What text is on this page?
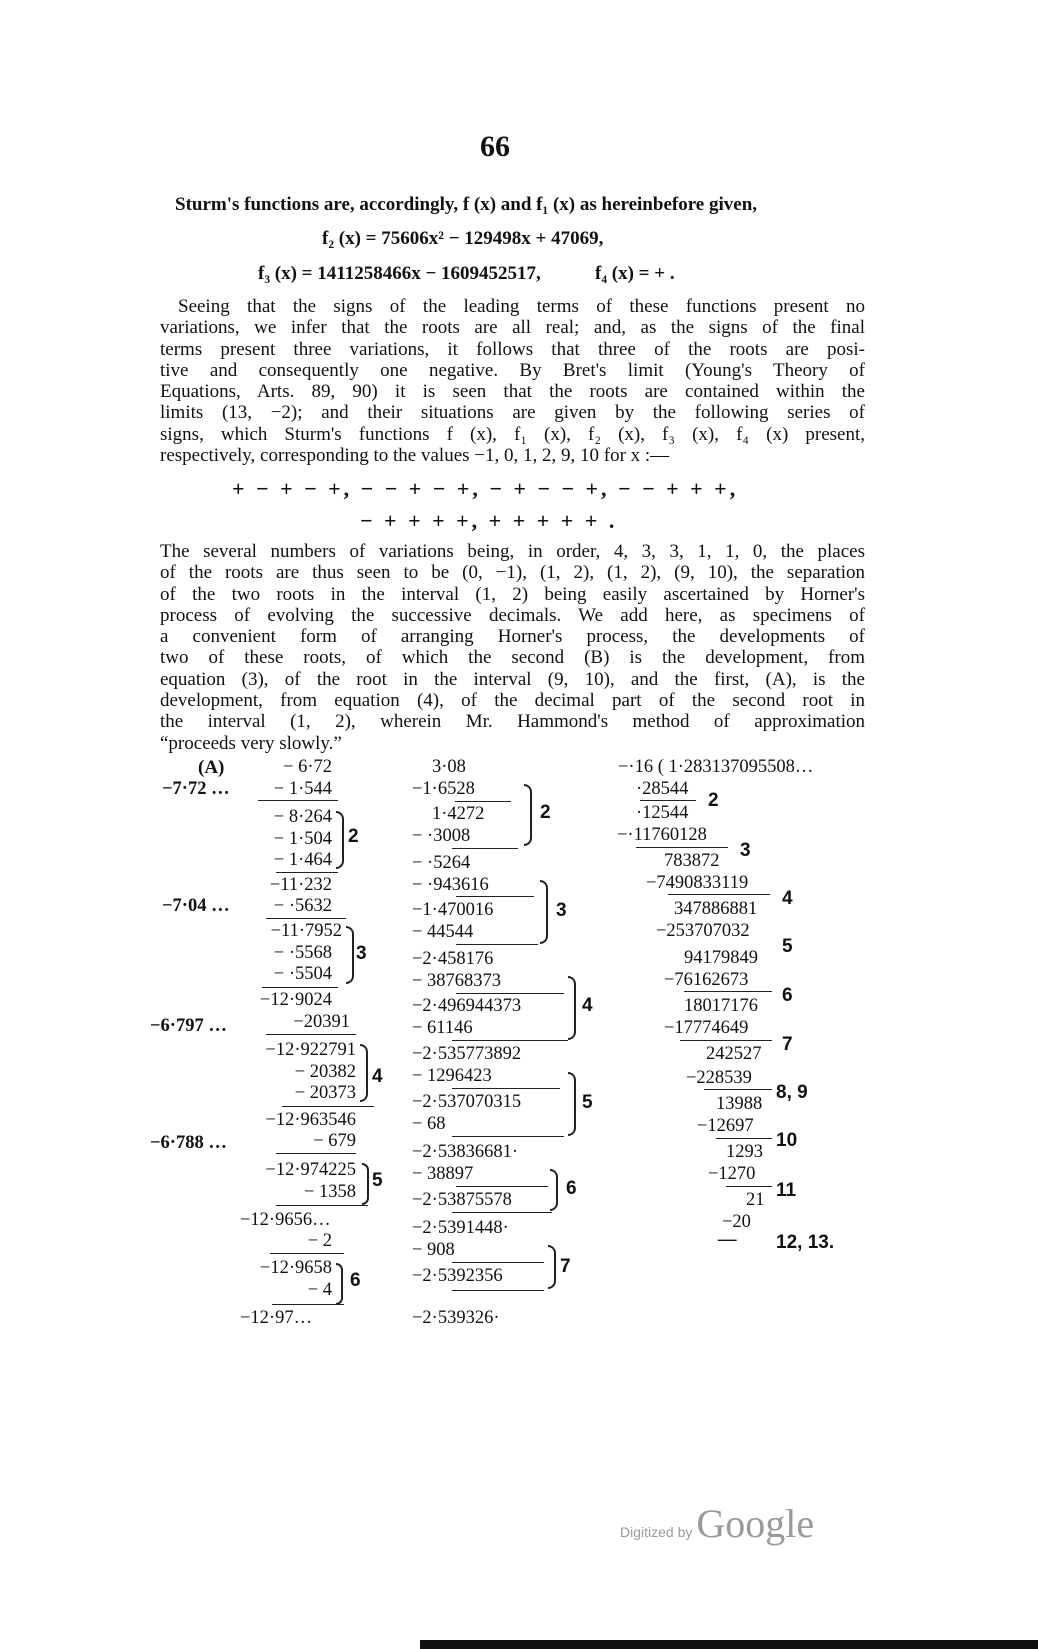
66
Sturm's functions are, accordingly, f (x) and f₁ (x) as hereinbefore given,
f₂ (x) = 75606x² − 129498x + 47069,
f₃ (x) = 1411258466x − 1609452517,	f₄ (x) = + .

Seeing that the signs of the leading terms of these functions present no

variations, we infer that the roots are all real; and, as the signs of the final

terms present three variations, it follows that three of the roots are posi-

tive and consequently one negative. By Bret's limit (Young's Theory of

Equations, Arts. 89, 90) it is seen that the roots are contained within the

limits (13, −2); and their situations are given by the following series of

signs, which Sturm's functions f (x), f₁ (x), f₂ (x), f₃ (x), f₄ (x) present,

respectively, corresponding to the values −1, 0, 1, 2, 9, 10 for x :—

+ − + − +, − − + − +, − + − − +, − − + + +,
− + + + +, + + + + + .

The several numbers of variations being, in order, 4, 3, 3, 1, 1, 0, the places

of the roots are thus seen to be (0, −1), (1, 2), (1, 2), (9, 10), the separation

of the two roots in the interval (1, 2) being easily ascertained by Horner's

process of evolving the successive decimals. We add here, as specimens of

a convenient form of arranging Horner's process, the developments of

two of these roots, of which the second (B) is the development, from

equation (3), of the root in the interval (9, 10), and the first, (A), is the

development, from equation (4), of the decimal part of the second root in

the interval (1, 2), wherein Mr. Hammond's method of approximation

“proceeds very slowly.”

(A)
−7·72 …
−7·04 …
−6·797 …
−6·788 …
− 6·72
− 1·544
− 8·264
− 1·504
− 1·464
2
−11·232
− ·5632
−11·7952
− ·5568
− ·5504
3
−12·9024
−20391
−12·922791
− 20382
− 20373
4
−12·963546
− 679
−12·974225
− 1358
5
−12·9656…
− 2
−12·9658
− 4 6
−12·97…
3·08
−1·6528
1·4272
− ·3008
2
− ·5264
− ·943616
−1·470016
− 44544
3
−2·458176
− 38768373
−2·496944373
− 61146
4
−2·535773892
− 1296423
−2·537070315
− 68
5
−2·53836681·
− 38897
−2·53875578
6
−2·5391448·
− 908
−2·5392356	7
−2·539326·
−·16 ( 1·283137095508…
·28544
·12544
2
−·11760128
783872 3
−7490833119
347886881 4
−253707032
94179849
5
−76162673
18017176 6
−17774649
242527 7
−228539
13988
8, 9
−12697
1293
10
−1270
21 11
−20
— 12, 13.
Digitized by Google
